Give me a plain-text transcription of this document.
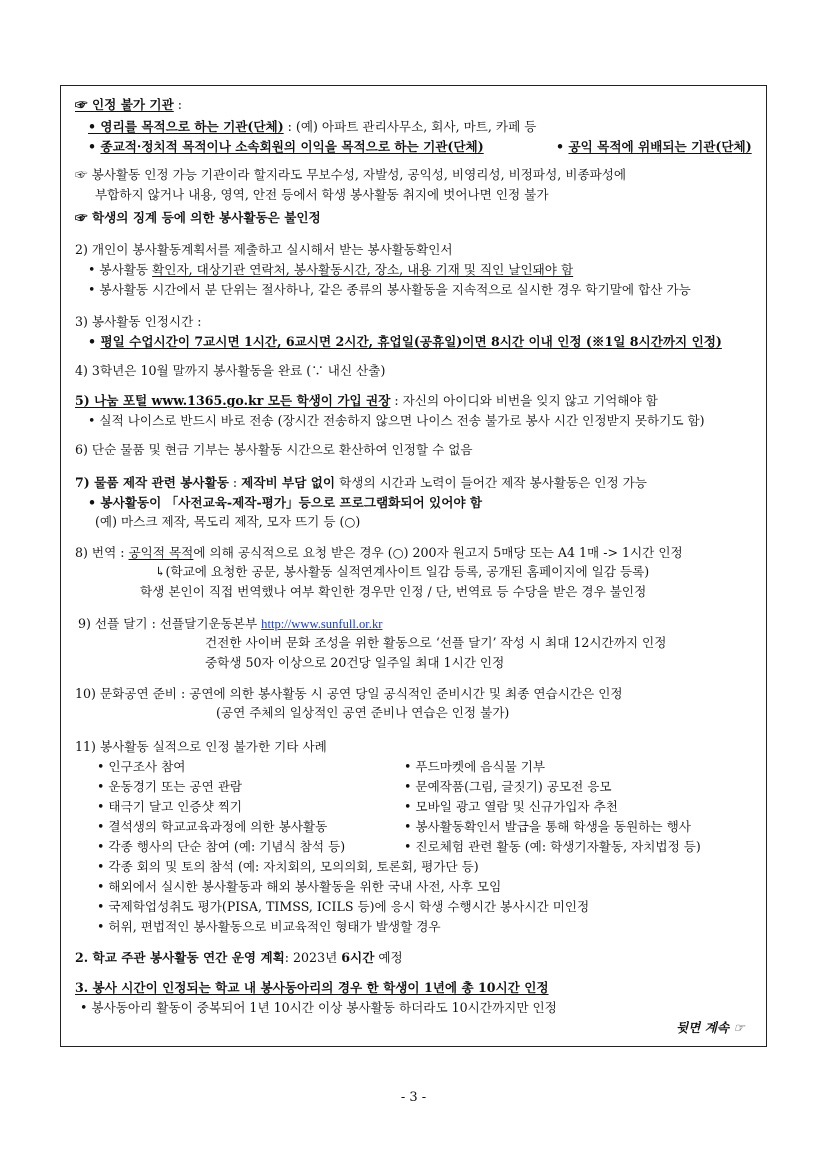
☞ 인정 불가 기관 :
• 영리를 목적으로 하는 기관(단체) : (예) 아파트 관리사무소, 회사, 마트, 카페 등
• 종교적·정치적 목적이나 소속회원의 이익을 목적으로 하는 기관(단체)	• 공익 목적에 위배되는 기관(단체)
☞ 봉사활동 인정 가능 기관이라 할지라도 무보수성, 자발성, 공익성, 비영리성, 비정파성, 비종파성에
부합하지 않거나 내용, 영역, 안전 등에서 학생 봉사활동 취지에 벗어나면 인정 불가
☞ 학생의 징계 등에 의한 봉사활동은 불인정
2) 개인이 봉사활동계획서를 제출하고 실시해서 받는 봉사활동확인서
• 봉사활동 확인자, 대상기관 연락처, 봉사활동시간, 장소, 내용 기재 및 직인 날인돼야 함
• 봉사활동 시간에서 분 단위는 절사하나, 같은 종류의 봉사활동을 지속적으로 실시한 경우 학기말에 합산 가능
3) 봉사활동 인정시간 :
• 평일 수업시간이 7교시면 1시간, 6교시면 2시간, 휴업일(공휴일)이면 8시간 이내 인정 (※1일 8시간까지 인정)
4) 3학년은 10월 말까지 봉사활동을 완료 (∵ 내신 산출)
5) 나눔 포털 www.1365.go.kr 모든 학생이 가입 권장 : 자신의 아이디와 비번을 잊지 않고 기억해야 함
• 실적 나이스로 반드시 바로 전송 (장시간 전송하지 않으면 나이스 전송 불가로 봉사 시간 인정받지 못하기도 함)
6) 단순 물품 및 현금 기부는 봉사활동 시간으로 환산하여 인정할 수 없음
7) 물품 제작 관련 봉사활동 : 제작비 부담 없이 학생의 시간과 노력이 들어간 제작 봉사활동은 인정 가능
• 봉사활동이 「사전교육-제작-평가」등으로 프로그램화되어 있어야 함
(예) 마스크 제작, 목도리 제작, 모자 뜨기 등 (○)
8) 번역 : 공익적 목적에 의해 공식적으로 요청 받은 경우 (○) 200자 원고지 5매당 또는 A4 1매 -> 1시간 인정
↳(학교에 요청한 공문, 봉사활동 실적연계사이트 일감 등록, 공개된 홈페이지에 일감 등록)
학생 본인이 직접 번역했나 여부 확인한 경우만 인정 / 단, 번역료 등 수당을 받은 경우 불인정
9) 선플 달기 : 선플달기운동본부 http://www.sunfull.or.kr
건전한 사이버 문화 조성을 위한 활동으로 ‘선플 달기’ 작성 시 최대 12시간까지 인정
중학생 50자 이상으로 20건당 일주일 최대 1시간 인정
10) 문화공연 준비 : 공연에 의한 봉사활동 시 공연 당일 공식적인 준비시간 및 최종 연습시간은 인정
(공연 주체의 일상적인 공연 준비나 연습은 인정 불가)
11) 봉사활동 실적으로 인정 불가한 기타 사례
• 인구조사 참여
• 운동경기 또는 공연 관람
• 태극기 달고 인증샷 찍기
• 결석생의 학교교육과정에 의한 봉사활동
• 각종 행사의 단순 참여 (예: 기념식 참석 등)
• 푸드마켓에 음식물 기부
• 문예작품(그림, 글짓기) 공모전 응모
• 모바일 광고 열람 및 신규가입자 추천
• 봉사활동확인서 발급을 통해 학생을 동원하는 행사
• 진로체험 관련 활동 (예: 학생기자활동, 자치법정 등)
• 각종 회의 및 토의 참석 (예: 자치회의, 모의의회, 토론회, 평가단 등)
• 해외에서 실시한 봉사활동과 해외 봉사활동을 위한 국내 사전, 사후 모임
• 국제학업성취도 평가(PISA, TIMSS, ICILS 등)에 응시 학생 수행시간 봉사시간 미인정
• 허위, 편법적인 봉사활동으로 비교육적인 형태가 발생할 경우
2. 학교 주관 봉사활동 연간 운영 계획: 2023년 6시간 예정
3. 봉사 시간이 인정되는 학교 내 봉사동아리의 경우 한 학생이 1년에 총 10시간 인정
• 봉사동아리 활동이 중복되어 1년 10시간 이상 봉사활동 하더라도 10시간까지만 인정
뒷면 계속 ☞
- 3 -
